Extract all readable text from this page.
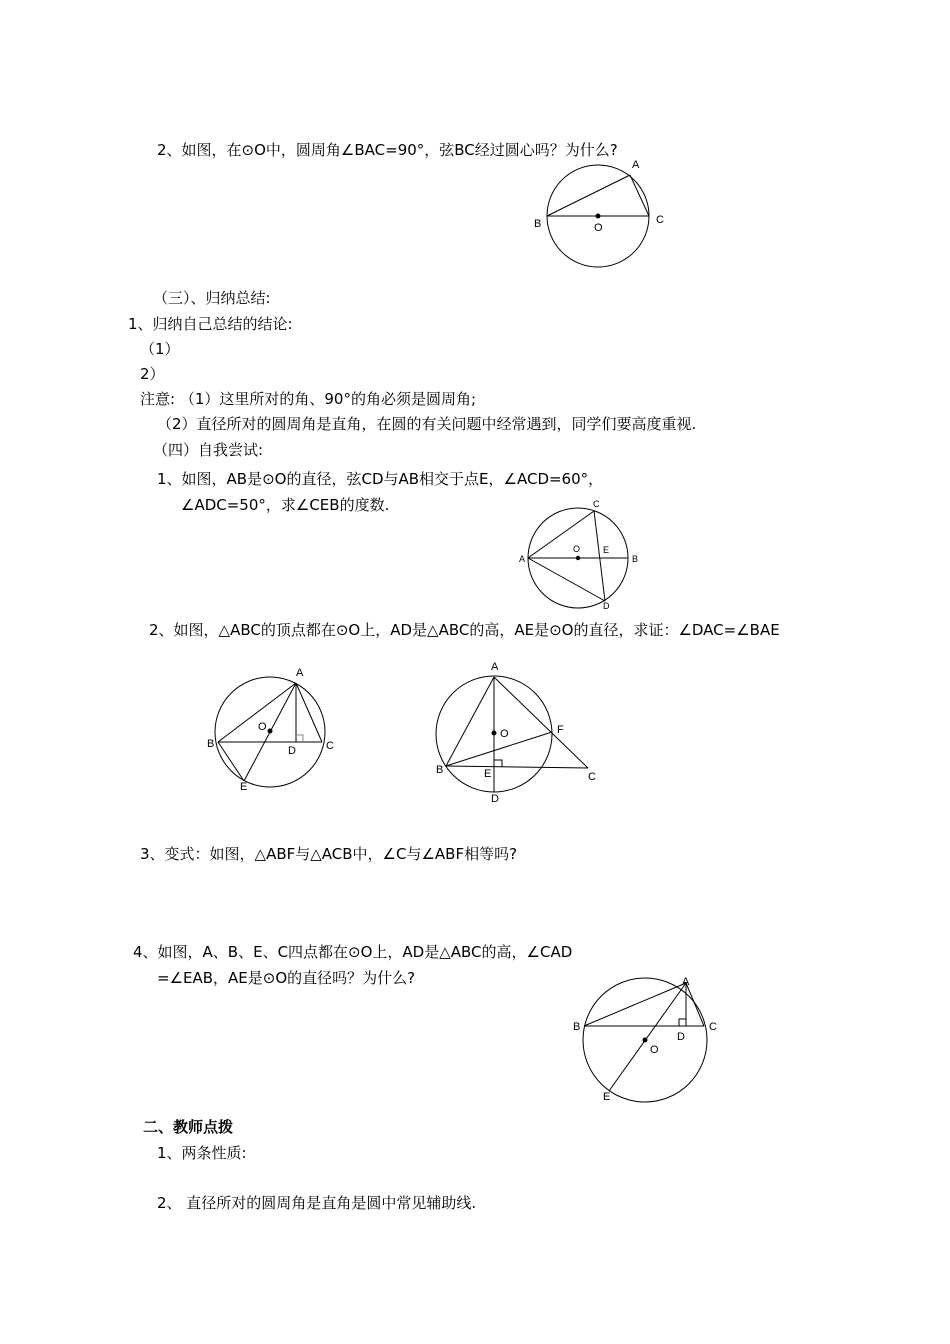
2、如图，在⊙O中，圆周角∠BAC=90°，弦BC经过圆心吗？为什么?
A
B	C
O
（三）、归纳总结:
1、归纳自己总结的结论:
（1）
2）
注意: （1）这里所对的角、90°的角必须是圆周角;
（2）直径所对的圆周角是直角，在圆的有关问题中经常遇到，同学们要高度重视.
（四）自我尝试:
1、如图，AB是⊙O的直径，弦CD与AB相交于点E，∠ACD=60°，
∠ADC=50°，求∠CEB的度数.	C
A
O	E
B
D
2、如图，△ABC的顶点都在⊙O上，AD是△ABC的高，AE是⊙O的直径，求证：∠DAC=∠BAE
A
O
B
D	C
E
A
O	F
B	E	C
D
3、变式：如图，△ABF与△ACB中，∠C与∠ABF相等吗?
4、如图，A、B、E、C四点都在⊙O上，AD是△ABC的高，∠CAD
=∠EAB，AE是⊙O的直径吗？为什么?	A
B	C
D
O
E
二、教师点拨
1、两条性质:
2、 直径所对的圆周角是直角是圆中常见辅助线.
